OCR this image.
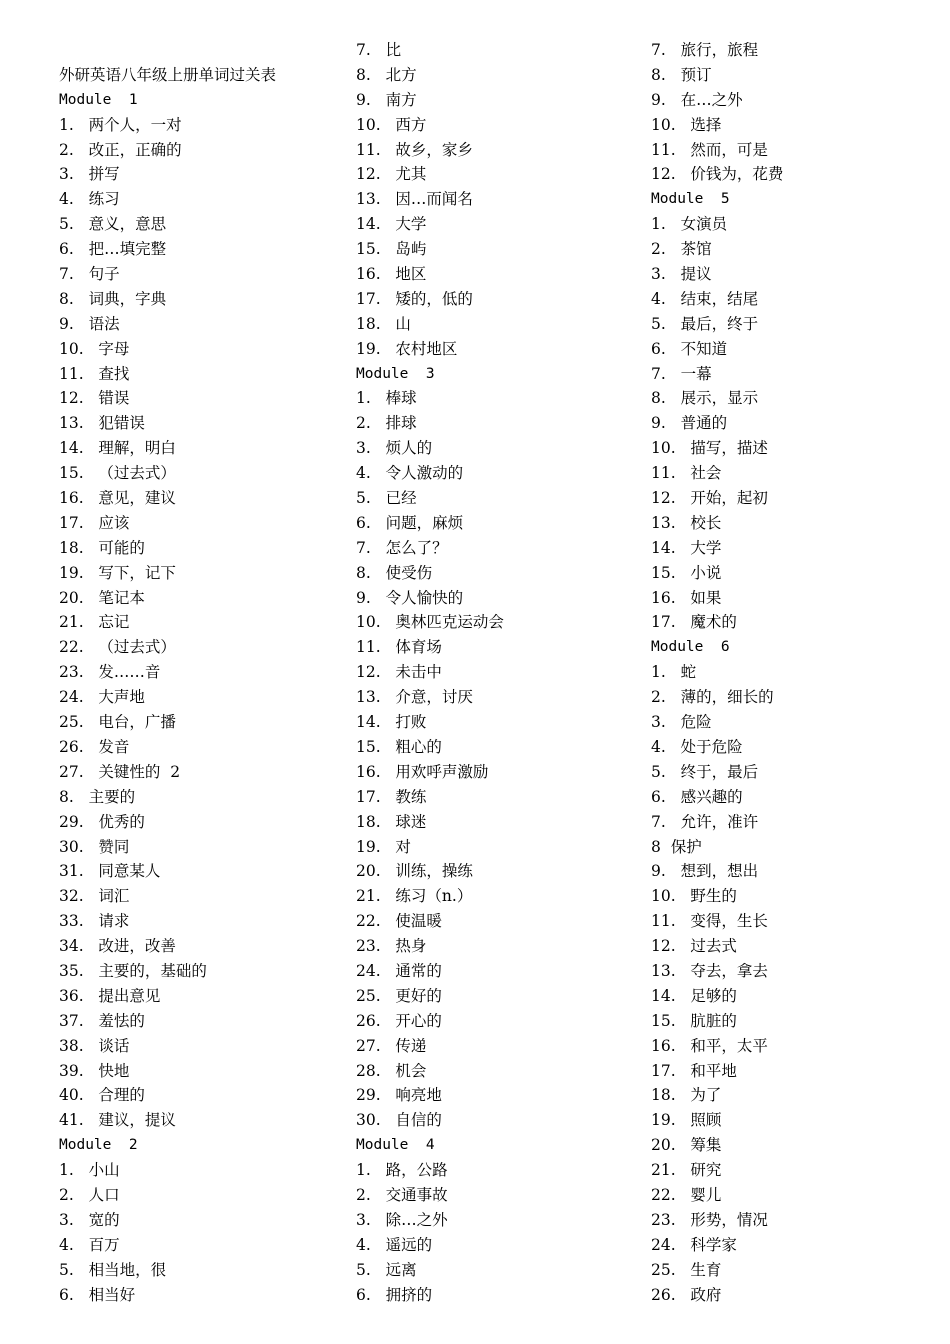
外研英语八年级上册单词过关表
Module  1
1.   两个人，一对
2.   改正，正确的
3.   拼写
4.   练习
5.   意义，意思
6.   把…填完整
7.   句子
8.   词典，字典
9.   语法
10.   字母
11.   查找
12.   错误
13.   犯错误
14.   理解，明白
15.   （过去式）
16.   意见，建议
17.   应该
18.   可能的
19.   写下，记下
20.   笔记本
21.   忘记
22.   （过去式）
23.   发……音
24.   大声地
25.   电台，广播
26.   发音
27.   关键性的  2
8.   主要的
29.   优秀的
30.   赞同
31.   同意某人
32.   词汇
33.   请求
34.   改进，改善
35.   主要的，基础的
36.   提出意见
37.   羞怯的
38.   谈话
39.   快地
40.   合理的
41.   建议，提议
Module  2
1.   小山
2.   人口
3.   宽的
4.   百万
5.   相当地，很
6.   相当好
7.   比
8.   北方
9.   南方
10.   西方
11.   故乡，家乡
12.   尤其
13.   因…而闻名
14.   大学
15.   岛屿
16.   地区
17.   矮的，低的
18.   山
19.   农村地区
Module  3
1.   棒球
2.   排球
3.   烦人的
4.   令人激动的
5.   已经
6.   问题，麻烦
7.   怎么了？
8.   使受伤
9.   令人愉快的
10.   奥林匹克运动会
11.   体育场
12.   未击中
13.   介意，讨厌
14.   打败
15.   粗心的
16.   用欢呼声激励
17.   教练
18.   球迷
19.   对
20.   训练，操练
21.   练习（n.）
22.   使温暖
23.   热身
24.   通常的
25.   更好的
26.   开心的
27.   传递
28.   机会
29.   响亮地
30.   自信的
Module  4
1.   路，公路
2.   交通事故
3.   除…之外
4.   遥远的
5.   远离
6.   拥挤的
7.   旅行，旅程
8.   预订
9.   在…之外
10.   选择
11.   然而，可是
12.   价钱为，花费
Module  5
1.   女演员
2.   茶馆
3.   提议
4.   结束，结尾
5.   最后，终于
6.   不知道
7.   一幕
8.   展示，显示
9.   普通的
10.   描写，描述
11.   社会
12.   开始，起初
13.   校长
14.   大学
15.   小说
16.   如果
17.   魔术的
Module  6
1.   蛇
2.   薄的，细长的
3.   危险
4.   处于危险
5.   终于，最后
6.   感兴趣的
7.   允许，准许
8  保护
9.   想到，想出
10.   野生的
11.   变得，生长
12.   过去式
13.   夺去，拿去
14.   足够的
15.   肮脏的
16.   和平，太平
17.   和平地
18.   为了
19.   照顾
20.   筹集
21.   研究
22.   婴儿
23.   形势，情况
24.   科学家
25.   生育
26.   政府
